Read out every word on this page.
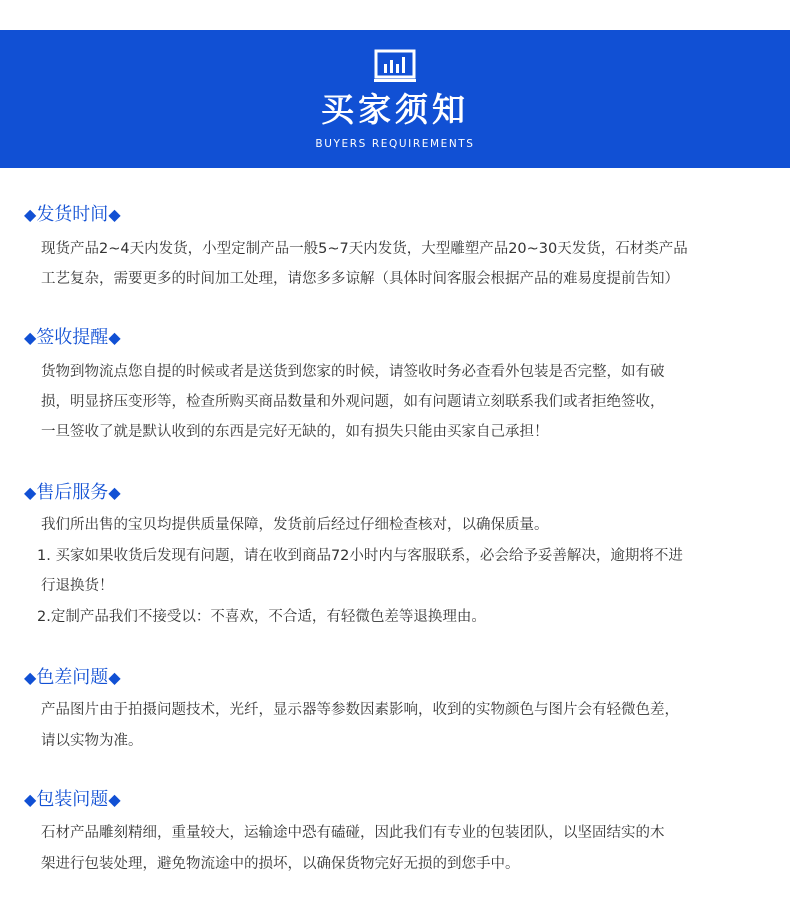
买家须知
BUYERS REQUIREMENTS
◆发货时间◆
现货产品2~4天内发货，小型定制产品一般5~7天内发货，大型雕塑产品20~30天发货，石材类产品
工艺复杂，需要更多的时间加工处理，请您多多谅解（具体时间客服会根据产品的难易度提前告知）
◆签收提醒◆
货物到物流点您自提的时候或者是送货到您家的时候，请签收时务必查看外包装是否完整，如有破
损，明显挤压变形等，检查所购买商品数量和外观问题，如有问题请立刻联系我们或者拒绝签收，
一旦签收了就是默认收到的东西是完好无缺的，如有损失只能由买家自己承担！
◆售后服务◆
我们所出售的宝贝均提供质量保障，发货前后经过仔细检查核对，以确保质量。
1. 买家如果收货后发现有问题，请在收到商品72小时内与客服联系，必会给予妥善解决，逾期将不进
行退换货！
2.定制产品我们不接受以：不喜欢，不合适，有轻微色差等退换理由。
◆色差问题◆
产品图片由于拍摄问题技术，光纤，显示器等参数因素影响，收到的实物颜色与图片会有轻微色差，
请以实物为准。
◆包装问题◆
石材产品雕刻精细，重量较大，运输途中恐有磕碰，因此我们有专业的包装团队，以坚固结实的木
架进行包装处理，避免物流途中的损坏，以确保货物完好无损的到您手中。
